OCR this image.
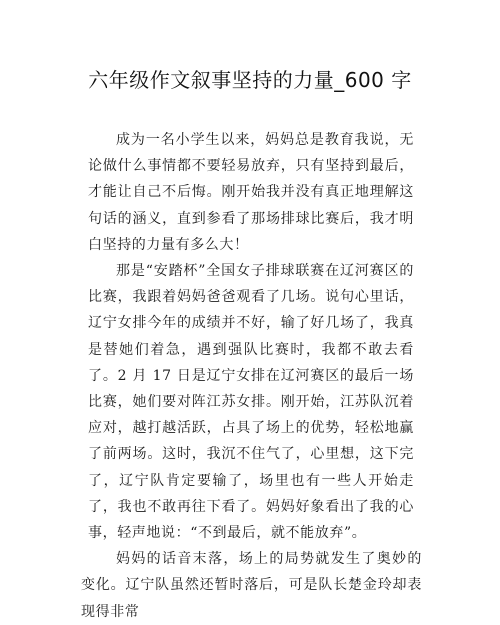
六年级作文叙事坚持的力量_600 字

成为一名小学生以来，妈妈总是教育我说，无论做什么事情都不要轻易放弃，只有坚持到最后，才能让自己不后悔。刚开始我并没有真正地理解这句话的涵义，直到参看了那场排球比赛后，我才明白坚持的力量有多么大！

那是“安踏杯”全国女子排球联赛在辽河赛区的比赛，我跟着妈妈爸爸观看了几场。说句心里话，辽宁女排今年的成绩并不好，输了好几场了，我真是替她们着急，遇到强队比赛时，我都不敢去看了。2 月 17 日是辽宁女排在辽河赛区的最后一场比赛，她们要对阵江苏女排。刚开始，江苏队沉着应对，越打越活跃，占具了场上的优势，轻松地赢了前两场。这时，我沉不住气了，心里想，这下完了，辽宁队肯定要输了，场里也有一些人开始走了，我也不敢再往下看了。妈妈好象看出了我的心事，轻声地说：“不到最后，就不能放弃”。

妈妈的话音末落，场上的局势就发生了奥妙的变化。辽宁队虽然还暂时落后，可是队长楚金玲却表现得非常
